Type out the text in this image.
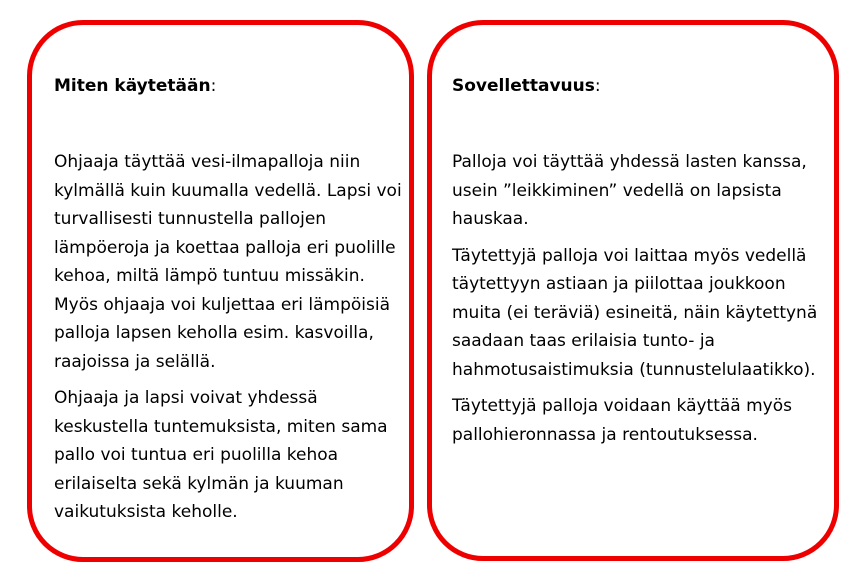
Miten käytetään:

Ohjaaja täyttää vesi-ilmapalloja niin
kylmällä kuin kuumalla vedellä. Lapsi voi
turvallisesti tunnustella pallojen
lämpöeroja ja koettaa palloja eri puolille
kehoa, miltä lämpö tuntuu missäkin.
Myös ohjaaja voi kuljettaa eri lämpöisiä
palloja lapsen keholla esim. kasvoilla,
raajoissa ja selällä.

Ohjaaja ja lapsi voivat yhdessä
keskustella tuntemuksista, miten sama
pallo voi tuntua eri puolilla kehoa
erilaiselta sekä kylmän ja kuuman
vaikutuksista keholle.

Sovellettavuus:

Palloja voi täyttää yhdessä lasten kanssa, usein ”leikkiminen” vedellä on lapsista hauskaa.

Täytettyjä palloja voi laittaa myös vedellä täytettyyn astiaan ja piilottaa joukkoon muita (ei teräviä) esineitä, näin käytettynä saadaan taas erilaisia tunto- ja hahmotusaistimuksia (tunnustelulaatikko).

Täytettyjä palloja voidaan käyttää myös pallohieronnassa ja rentoutuksessa.
